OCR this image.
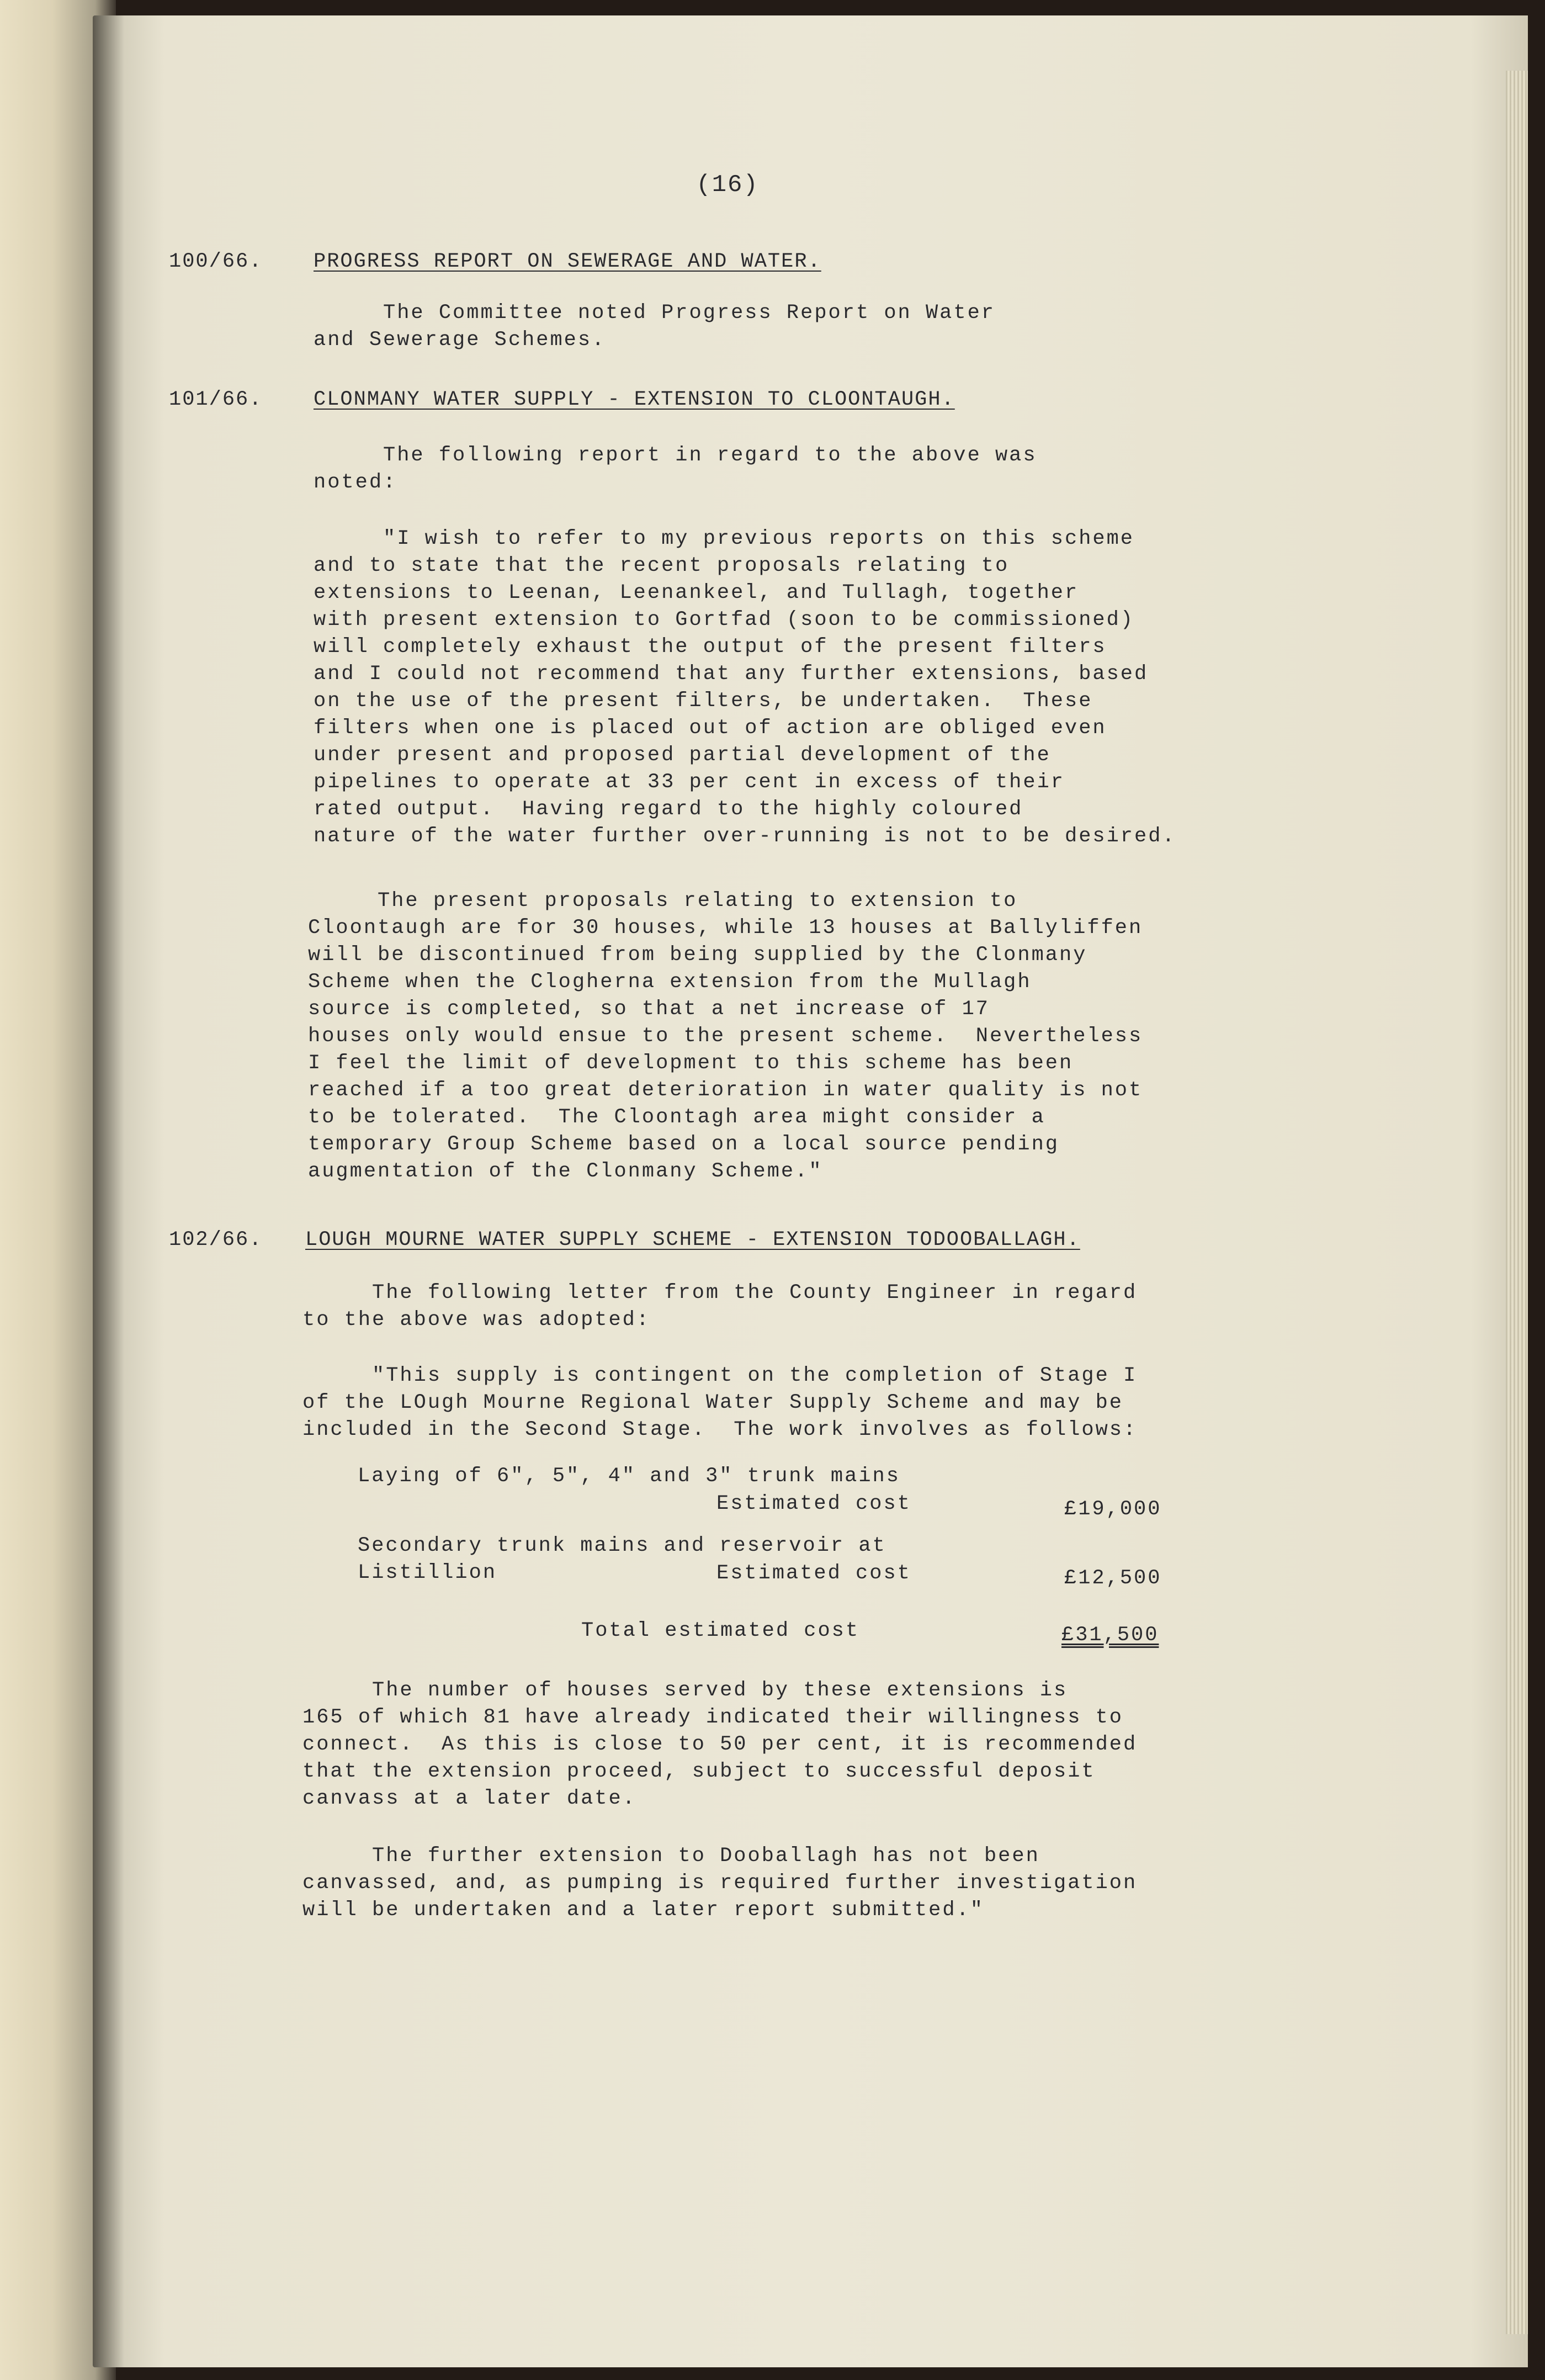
(16)
100/66.	PROGRESS REPORT ON SEWERAGE AND WATER.
The Committee noted Progress Report on Water
and Sewerage Schemes.
101/66.	CLONMANY WATER SUPPLY - EXTENSION TO CLOONTAUGH.
The following report in regard to the above was
noted:
"I wish to refer to my previous reports on this scheme
and to state that the recent proposals relating to
extensions to Leenan, Leenankeel, and Tullagh, together
with present extension to Gortfad (soon to be commissioned)
will completely exhaust the output of the present filters
and I could not recommend that any further extensions, based
on the use of the present filters, be undertaken.  These
filters when one is placed out of action are obliged even
under present and proposed partial development of the
pipelines to operate at 33 per cent in excess of their
rated output.  Having regard to the highly coloured
nature of the water further over-running is not to be desired.
The present proposals relating to extension to
Cloontaugh are for 30 houses, while 13 houses at Ballyliffen
will be discontinued from being supplied by the Clonmany
Scheme when the Clogherna extension from the Mullagh
source is completed, so that a net increase of 17
houses only would ensue to the present scheme.  Nevertheless
I feel the limit of development to this scheme has been
reached if a too great deterioration in water quality is not
to be tolerated.  The Cloontagh area might consider a
temporary Group Scheme based on a local source pending
augmentation of the Clonmany Scheme."
102/66. LOUGH MOURNE WATER SUPPLY SCHEME - EXTENSION TODOOBALLAGH.
The following letter from the County Engineer in regard
to the above was adopted:
"This supply is contingent on the completion of Stage I
of the LOugh Mourne Regional Water Supply Scheme and may be
included in the Second Stage.  The work involves as follows:
Laying of 6", 5", 4" and 3" trunk mains
Estimated cost	£19,000
Secondary trunk mains and reservoir at
Listillion	Estimated cost	£12,500
Total estimated cost	£31,500
The number of houses served by these extensions is
165 of which 81 have already indicated their willingness to
connect.  As this is close to 50 per cent, it is recommended
that the extension proceed, subject to successful deposit
canvass at a later date.
The further extension to Dooballagh has not been
canvassed, and, as pumping is required further investigation
will be undertaken and a later report submitted."
